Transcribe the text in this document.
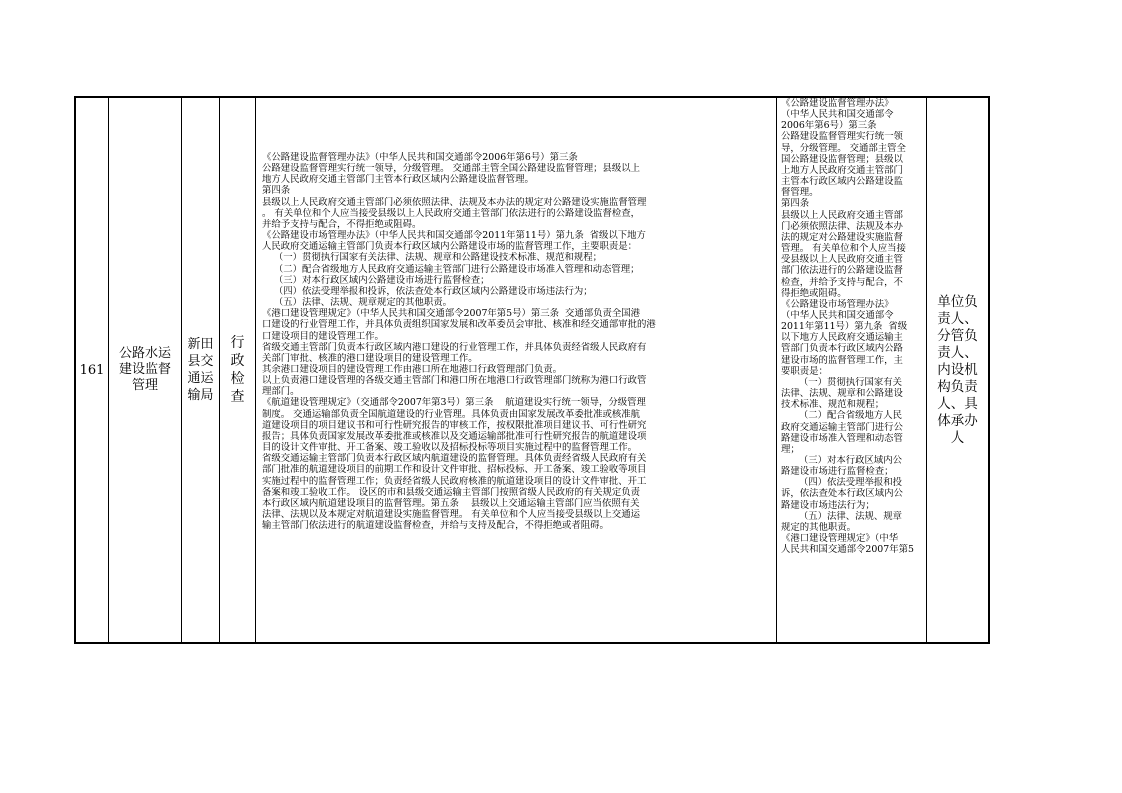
161
公路水运建设监督管理
新田县交通运输局
行政检查
《公路建设监督管理办法》（中华人民共和国交通部令2006年第6号）第三条
公路建设监督管理实行统一领导，分级管理。 交通部主管全国公路建设监督管理；县级以上
地方人民政府交通主管部门主管本行政区域内公路建设监督管理。
第四条
县级以上人民政府交通主管部门必须依照法律、法规及本办法的规定对公路建设实施监督管理
。 有关单位和个人应当接受县级以上人民政府交通主管部门依法进行的公路建设监督检查，
并给予支持与配合，不得拒绝或阻碍。
《公路建设市场管理办法》（中华人民共和国交通部令2011年第11号）第九条  省级以下地方
人民政府交通运输主管部门负责本行政区域内公路建设市场的监督管理工作，主要职责是：
（一）贯彻执行国家有关法律、法规、规章和公路建设技术标准、规范和规程；
（二）配合省级地方人民政府交通运输主管部门进行公路建设市场准入管理和动态管理；
（三）对本行政区域内公路建设市场进行监督检查；
（四）依法受理举报和投诉，依法查处本行政区域内公路建设市场违法行为；
（五）法律、法规、规章规定的其他职责。
《港口建设管理规定》（中华人民共和国交通部令2007年第5号）第三条  交通部负责全国港
口建设的行业管理工作，并具体负责组织国家发展和改革委员会审批、核准和经交通部审批的港
口建设项目的建设管理工作。
省级交通主管部门负责本行政区域内港口建设的行业管理工作，并具体负责经省级人民政府有
关部门审批、核准的港口建设项目的建设管理工作。
其余港口建设项目的建设管理工作由港口所在地港口行政管理部门负责。
以上负责港口建设管理的各级交通主管部门和港口所在地港口行政管理部门统称为港口行政管
理部门。
《航道建设管理规定》（交通部令2007年第3号）第三条    航道建设实行统一领导，分级管理
制度。 交通运输部负责全国航道建设的行业管理。具体负责由国家发展改革委批准或核准航
道建设项目的项目建议书和可行性研究报告的审核工作，按权限批准项目建议书、可行性研究
报告；具体负责国家发展改革委批准或核准以及交通运输部批准可行性研究报告的航道建设项
目的设计文件审批、开工备案、竣工验收以及招标投标等项目实施过程中的监督管理工作。
省级交通运输主管部门负责本行政区域内航道建设的监督管理。具体负责经省级人民政府有关
部门批准的航道建设项目的前期工作和设计文件审批、招标投标、开工备案、竣工验收等项目
实施过程中的监督管理工作；负责经省级人民政府核准的航道建设项目的设计文件审批、开工
备案和竣工验收工作。 设区的市和县级交通运输主管部门按照省级人民政府的有关规定负责
本行政区域内航道建设项目的监督管理。第五条    县级以上交通运输主管部门应当依照有关
法律、法规以及本规定对航道建设实施监督管理。 有关单位和个人应当接受县级以上交通运
输主管部门依法进行的航道建设监督检查，并给与支持及配合，不得拒绝或者阻碍。
《公路建设监督管理办法》
（中华人民共和国交通部令
2006年第6号）第三条
公路建设监督管理实行统一领
导，分级管理。 交通部主管全
国公路建设监督管理；县级以
上地方人民政府交通主管部门
主管本行政区域内公路建设监
督管理。
第四条
县级以上人民政府交通主管部
门必须依照法律、法规及本办
法的规定对公路建设实施监督
管理。 有关单位和个人应当接
受县级以上人民政府交通主管
部门依法进行的公路建设监督
检查，并给予支持与配合，不
得拒绝或阻碍。
《公路建设市场管理办法》
（中华人民共和国交通部令
2011年第11号）第九条  省级
以下地方人民政府交通运输主
管部门负责本行政区域内公路
建设市场的监督管理工作，主
要职责是：
（一）贯彻执行国家有关
法律、法规、规章和公路建设
技术标准、规范和规程；
（二）配合省级地方人民
政府交通运输主管部门进行公
路建设市场准入管理和动态管
理；
（三）对本行政区域内公
路建设市场进行监督检查；
（四）依法受理举报和投
诉，依法查处本行政区域内公
路建设市场违法行为；
（五）法律、法规、规章
规定的其他职责。
《港口建设管理规定》（中华
人民共和国交通部令2007年第5
单位负责人、分管负责人、内设机构负责人、具体承办人
